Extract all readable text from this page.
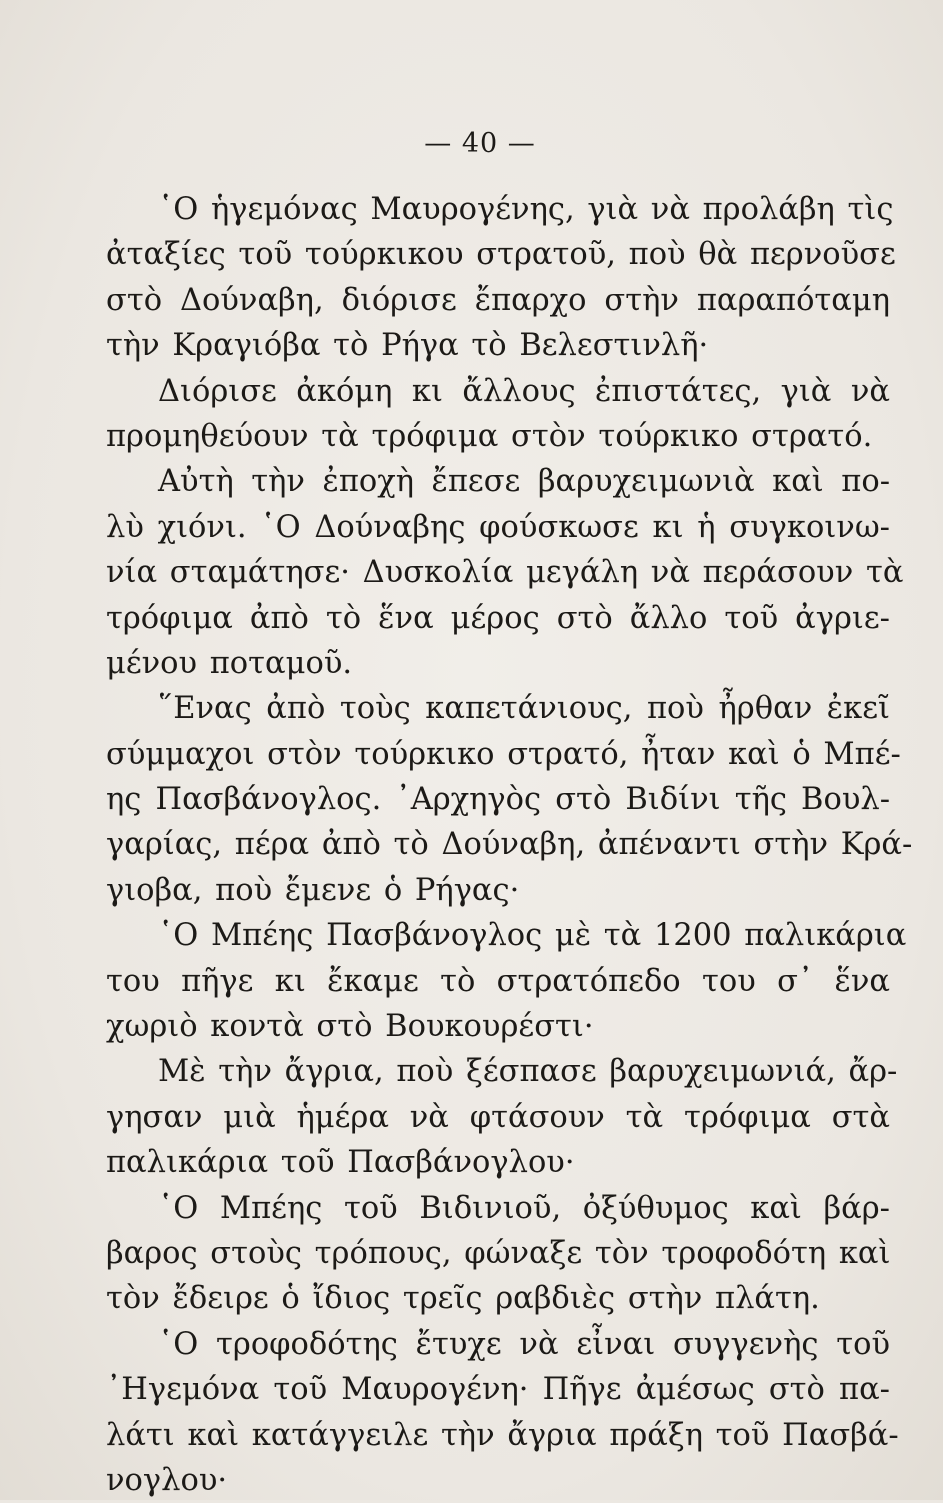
— 40 —
῾Ο ἡγεμόνας Μαυρογένης, γιὰ νὰ προλάβη τὶς
ἀταξίες τοῦ τούρκικου στρατοῦ, ποὺ θὰ περνοῦσε
στὸ Δούναβη, διόρισε ἔπαρχο στὴν παραπόταμη
τὴν Κραγιόβα τὸ Ρήγα τὸ Βελεστινλῆ·
Διόρισε ἀκόμη κι ἄλλους ἐπιστάτες, γιὰ νὰ
προμηθεύουν τὰ τρόφιμα στὸν τούρκικο στρατό.
Αὐτὴ τὴν ἐποχὴ ἔπεσε βαρυχειμωνιὰ καὶ πο-
λὺ χιόνι. ῾Ο Δούναβης φούσκωσε κι ἡ συγκοινω-
νία σταμάτησε· Δυσκολία μεγάλη νὰ περάσουν τὰ
τρόφιμα ἀπὸ τὸ ἕνα μέρος στὸ ἄλλο τοῦ ἀγριε-
μένου ποταμοῦ.
῞Ενας ἀπὸ τοὺς καπετάνιους, ποὺ ἦρθαν ἐκεῖ
σύμμαχοι στὸν τούρκικο στρατό, ἦταν καὶ ὁ Μπέ-
ης Πασβάνογλος. ᾽Αρχηγὸς στὸ Βιδίνι τῆς Βουλ-
γαρίας, πέρα ἀπὸ τὸ Δούναβη, ἀπέναντι στὴν Κρά-
γιοβα, ποὺ ἔμενε ὁ Ρήγας·
῾Ο Μπέης Πασβάνογλος μὲ τὰ 1200 παλικάρια
του πῆγε κι ἔκαμε τὸ στρατόπεδο του σ᾽ ἕνα
χωριὸ κοντὰ στὸ Βουκουρέστι·
Μὲ τὴν ἄγρια, ποὺ ξέσπασε βαρυχειμωνιά, ἄρ-
γησαν μιὰ ἡμέρα νὰ φτάσουν τὰ τρόφιμα στὰ
παλικάρια τοῦ Πασβάνογλου·
῾Ο Μπέης τοῦ Βιδινιοῦ, ὀξύθυμος καὶ βάρ-
βαρος στοὺς τρόπους, φώναξε τὸν τροφοδότη καὶ
τὸν ἔδειρε ὁ ἴδιος τρεῖς ραβδιὲς στὴν πλάτη.
῾Ο τροφοδότης ἔτυχε νὰ εἶναι συγγενὴς τοῦ
᾽Ηγεμόνα τοῦ Μαυρογένη· Πῆγε ἀμέσως στὸ πα-
λάτι καὶ κατάγγειλε τὴν ἄγρια πράξη τοῦ Πασβά-
νογλου·
